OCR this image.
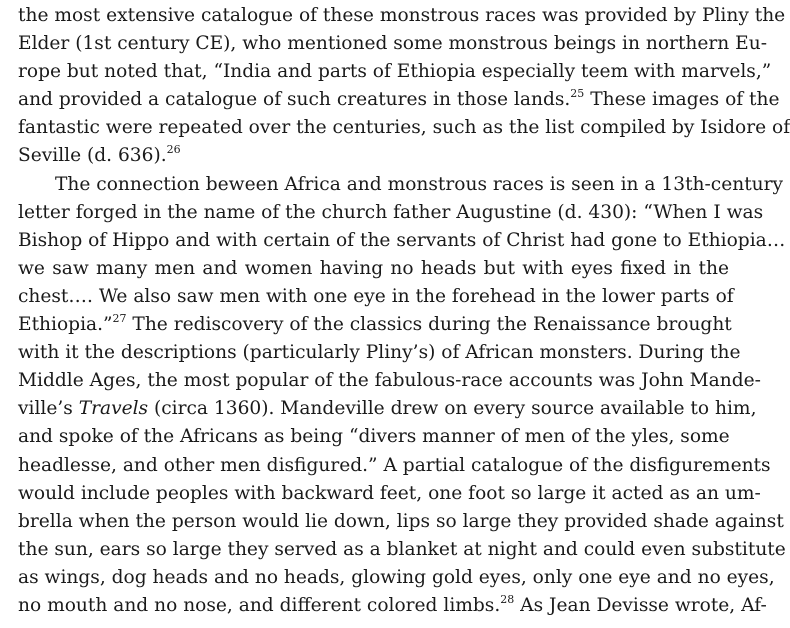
the most extensive catalogue of these monstrous races was provided by Pliny the
Elder (1st century CE), who mentioned some monstrous beings in northern Eu-
rope but noted that, “India and parts of Ethiopia especially teem with marvels,”
and provided a catalogue of such creatures in those lands.$^{25}$ These images of the
fantastic were repeated over the centuries, such as the list compiled by Isidore of
Seville (d. 636).$^{26}$
The connection beween Africa and monstrous races is seen in a 13th-century
letter forged in the name of the church father Augustine (d. 430): “When I was
Bishop of Hippo and with certain of the servants of Christ had gone to Ethiopia…
we saw many men and women having no heads but with eyes fixed in the
chest…. We also saw men with one eye in the forehead in the lower parts of
Ethiopia.”$^{27}$ The rediscovery of the classics during the Renaissance brought
with it the descriptions (particularly Pliny’s) of African monsters. During the
Middle Ages, the most popular of the fabulous-race accounts was John Mande-
ville’s Travels (circa 1360). Mandeville drew on every source available to him,
and spoke of the Africans as being “divers manner of men of the yles, some
headlesse, and other men disfigured.” A partial catalogue of the disfigurements
would include peoples with backward feet, one foot so large it acted as an um-
brella when the person would lie down, lips so large they provided shade against
the sun, ears so large they served as a blanket at night and could even substitute
as wings, dog heads and no heads, glowing gold eyes, only one eye and no eyes,
no mouth and no nose, and different colored limbs.$^{28}$ As Jean Devisse wrote, Af-
